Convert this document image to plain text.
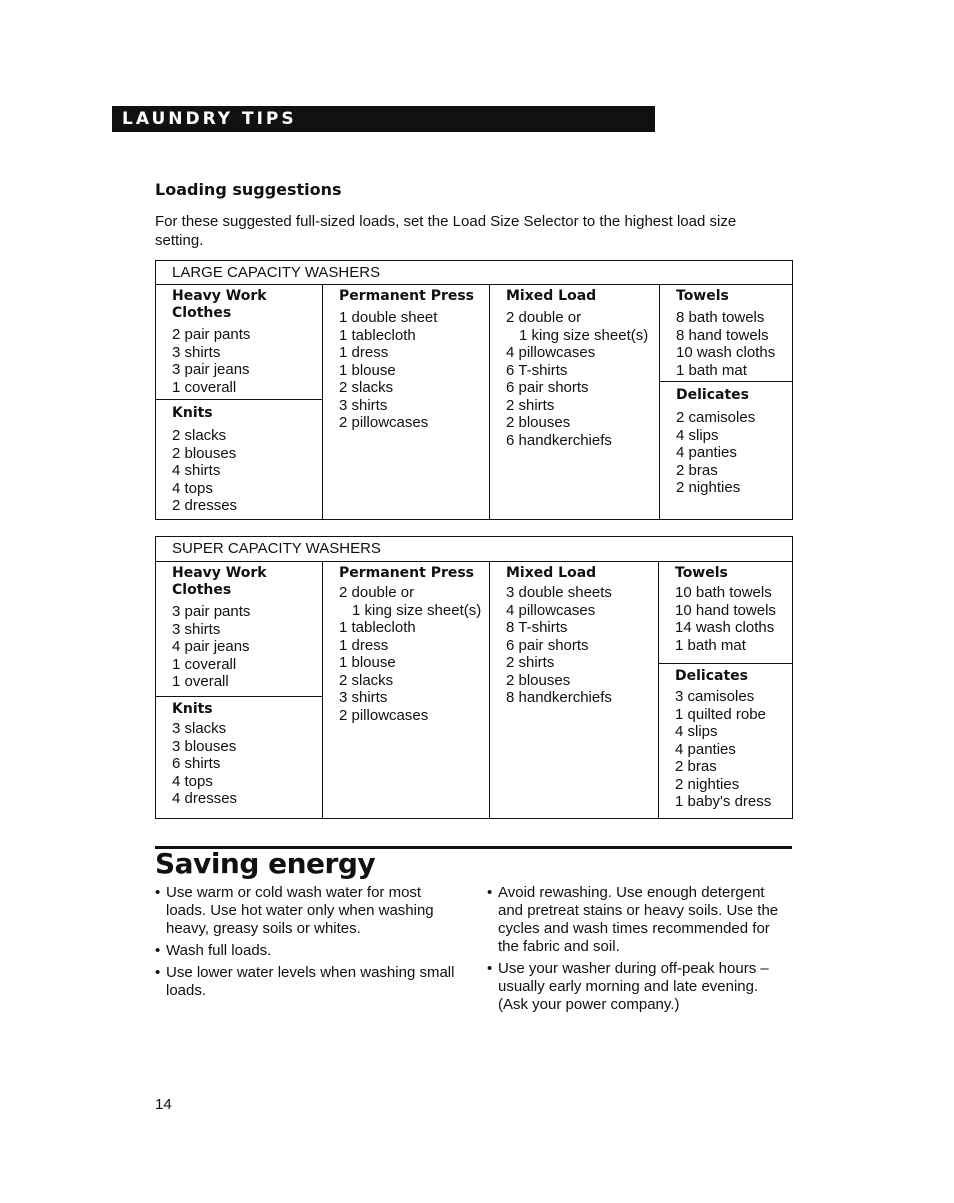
LAUNDRY TIPS
Loading suggestions
For these suggested full-sized loads, set the Load Size Selector to the highest load size setting.
LARGE CAPACITY WASHERS
Heavy Work
Clothes
2 pair pants
3 shirts
3 pair jeans
1 coverall
Knits
2 slacks
2 blouses
4 shirts
4 tops
2 dresses
Permanent Press
1 double sheet
1 tablecloth
1 dress
1 blouse
2 slacks
3 shirts
2 pillowcases
Mixed Load
2 double or
1 king size sheet(s)
4 pillowcases
6 T-shirts
6 pair shorts
2 shirts
2 blouses
6 handkerchiefs
Towels
8 bath towels
8 hand towels
10 wash cloths
1 bath mat
Delicates
2 camisoles
4 slips
4 panties
2 bras
2 nighties
SUPER CAPACITY WASHERS
Heavy Work
Clothes
3 pair pants
3 shirts
4 pair jeans
1 coverall
1 overall
Knits
3 slacks
3 blouses
6 shirts
4 tops
4 dresses
Permanent Press
2 double or
1 king size sheet(s)
1 tablecloth
1 dress
1 blouse
2 slacks
3 shirts
2 pillowcases
Mixed Load
3 double sheets
4 pillowcases
8 T-shirts
6 pair shorts
2 shirts
2 blouses
8 handkerchiefs
Towels
10 bath towels
10 hand towels
14 wash cloths
1 bath mat
Delicates
3 camisoles
1 quilted robe
4 slips
4 panties
2 bras
2 nighties
1 baby's dress
Saving energy
• Use warm or cold wash water for most loads. Use hot water only when washing heavy, greasy soils or whites.
• Wash full loads.
• Use lower water levels when washing small loads.
• Avoid rewashing. Use enough detergent and pretreat stains or heavy soils. Use the cycles and wash times recommended for the fabric and soil.
• Use your washer during off-peak hours – usually early morning and late evening. (Ask your power company.)
14
